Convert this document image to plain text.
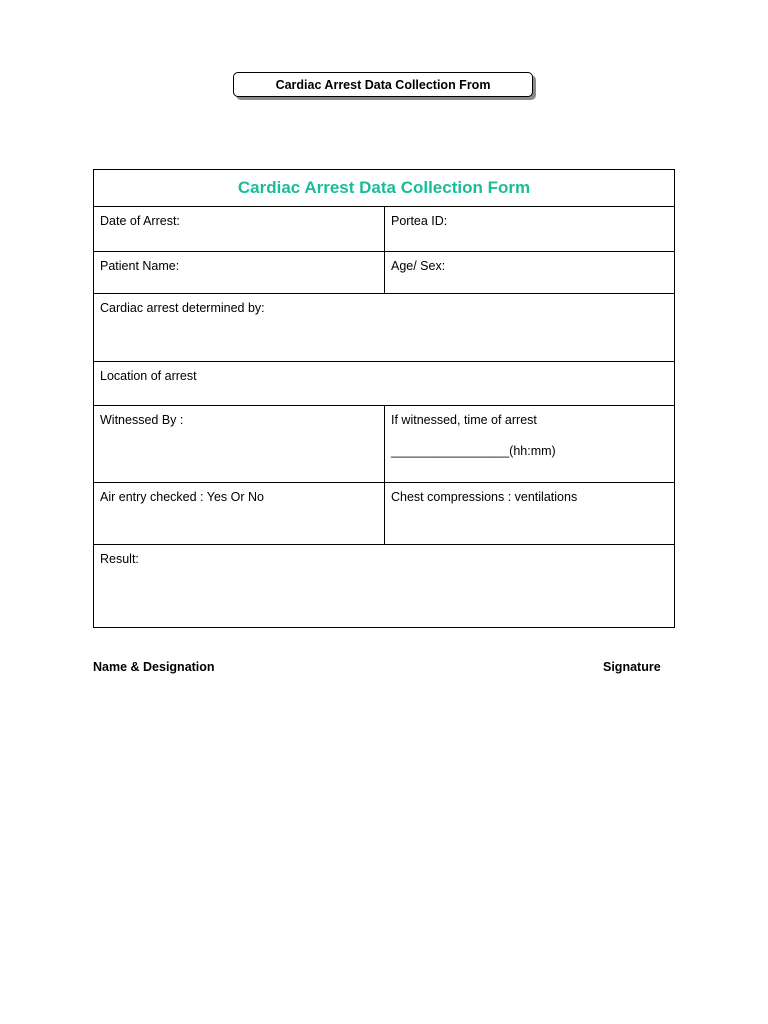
Cardiac Arrest Data Collection From
Cardiac Arrest Data Collection Form
Date of Arrest:	Portea ID:
Patient Name:	Age/ Sex:
Cardiac arrest determined by:
Location of arrest
Witnessed By :	If witnessed, time of arrest
_________________(hh:mm)
Air entry checked : Yes Or No	Chest compressions : ventilations
Result:
Name & Designation	Signature
